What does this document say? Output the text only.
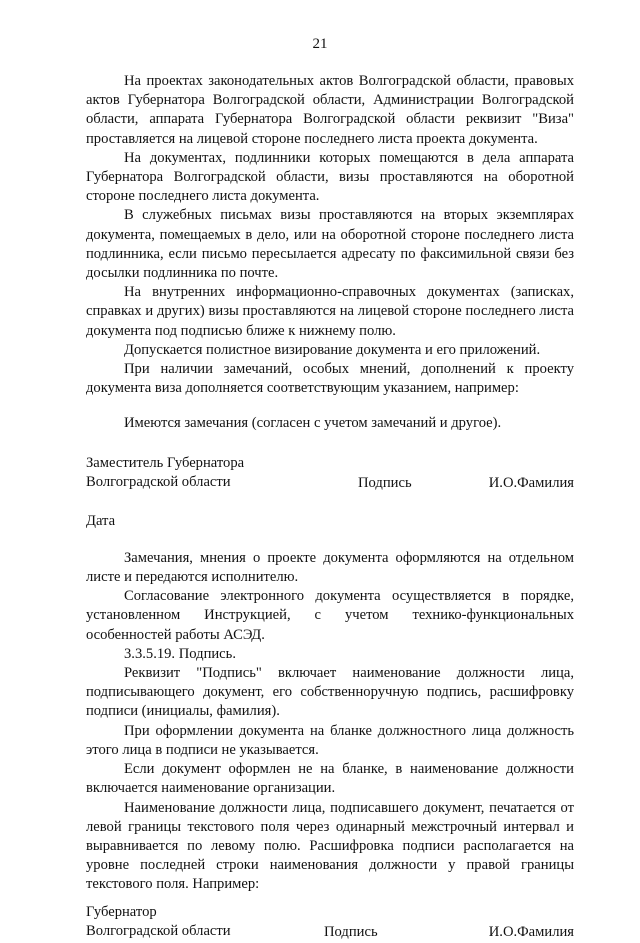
21

На проектах законодательных актов Волгоградской области, правовых актов Губернатора Волгоградской области, Администрации Волгоградской области, аппарата Губернатора Волгоградской области реквизит "Виза" проставляется на лицевой стороне последнего листа проекта документа.

На документах, подлинники которых помещаются в дела аппарата Губернатора Волгоградской области, визы проставляются на оборотной стороне последнего листа документа.

В служебных письмах визы проставляются на вторых экземплярах документа, помещаемых в дело, или на оборотной стороне последнего листа подлинника, если письмо пересылается адресату по факсимильной связи без досылки подлинника по почте.

На внутренних информационно-справочных документах (записках, справках и других) визы проставляются на лицевой стороне последнего листа документа под подписью ближе к нижнему полю.

Допускается полистное визирование документа и его приложений.

При наличии замечаний, особых мнений, дополнений к проекту документа виза дополняется соответствующим указанием, например:

Имеются замечания (согласен с учетом замечаний и другое).

Заместитель Губернатора
Волгоградской области	Подпись	И.О.Фамилия
Дата

Замечания, мнения о проекте документа оформляются на отдельном листе и передаются исполнителю.

Согласование электронного документа осуществляется в порядке, установленном Инструкцией, с учетом технико-функциональных особенностей работы АСЭД.

3.3.5.19. Подпись.

Реквизит "Подпись" включает наименование должности лица, подписывающего документ, его собственноручную подпись, расшифровку подписи (инициалы, фамилия).

При оформлении документа на бланке должностного лица должность этого лица в подписи не указывается.

Если документ оформлен не на бланке, в наименование должности включается наименование организации.

Наименование должности лица, подписавшего документ, печатается от левой границы текстового поля через одинарный межстрочный интервал и выравнивается по левому полю. Расшифровка подписи располагается на уровне последней строки наименования должности у правой границы текстового поля. Например:

Губернатор
Волгоградской области	Подпись	И.О.Фамилия
